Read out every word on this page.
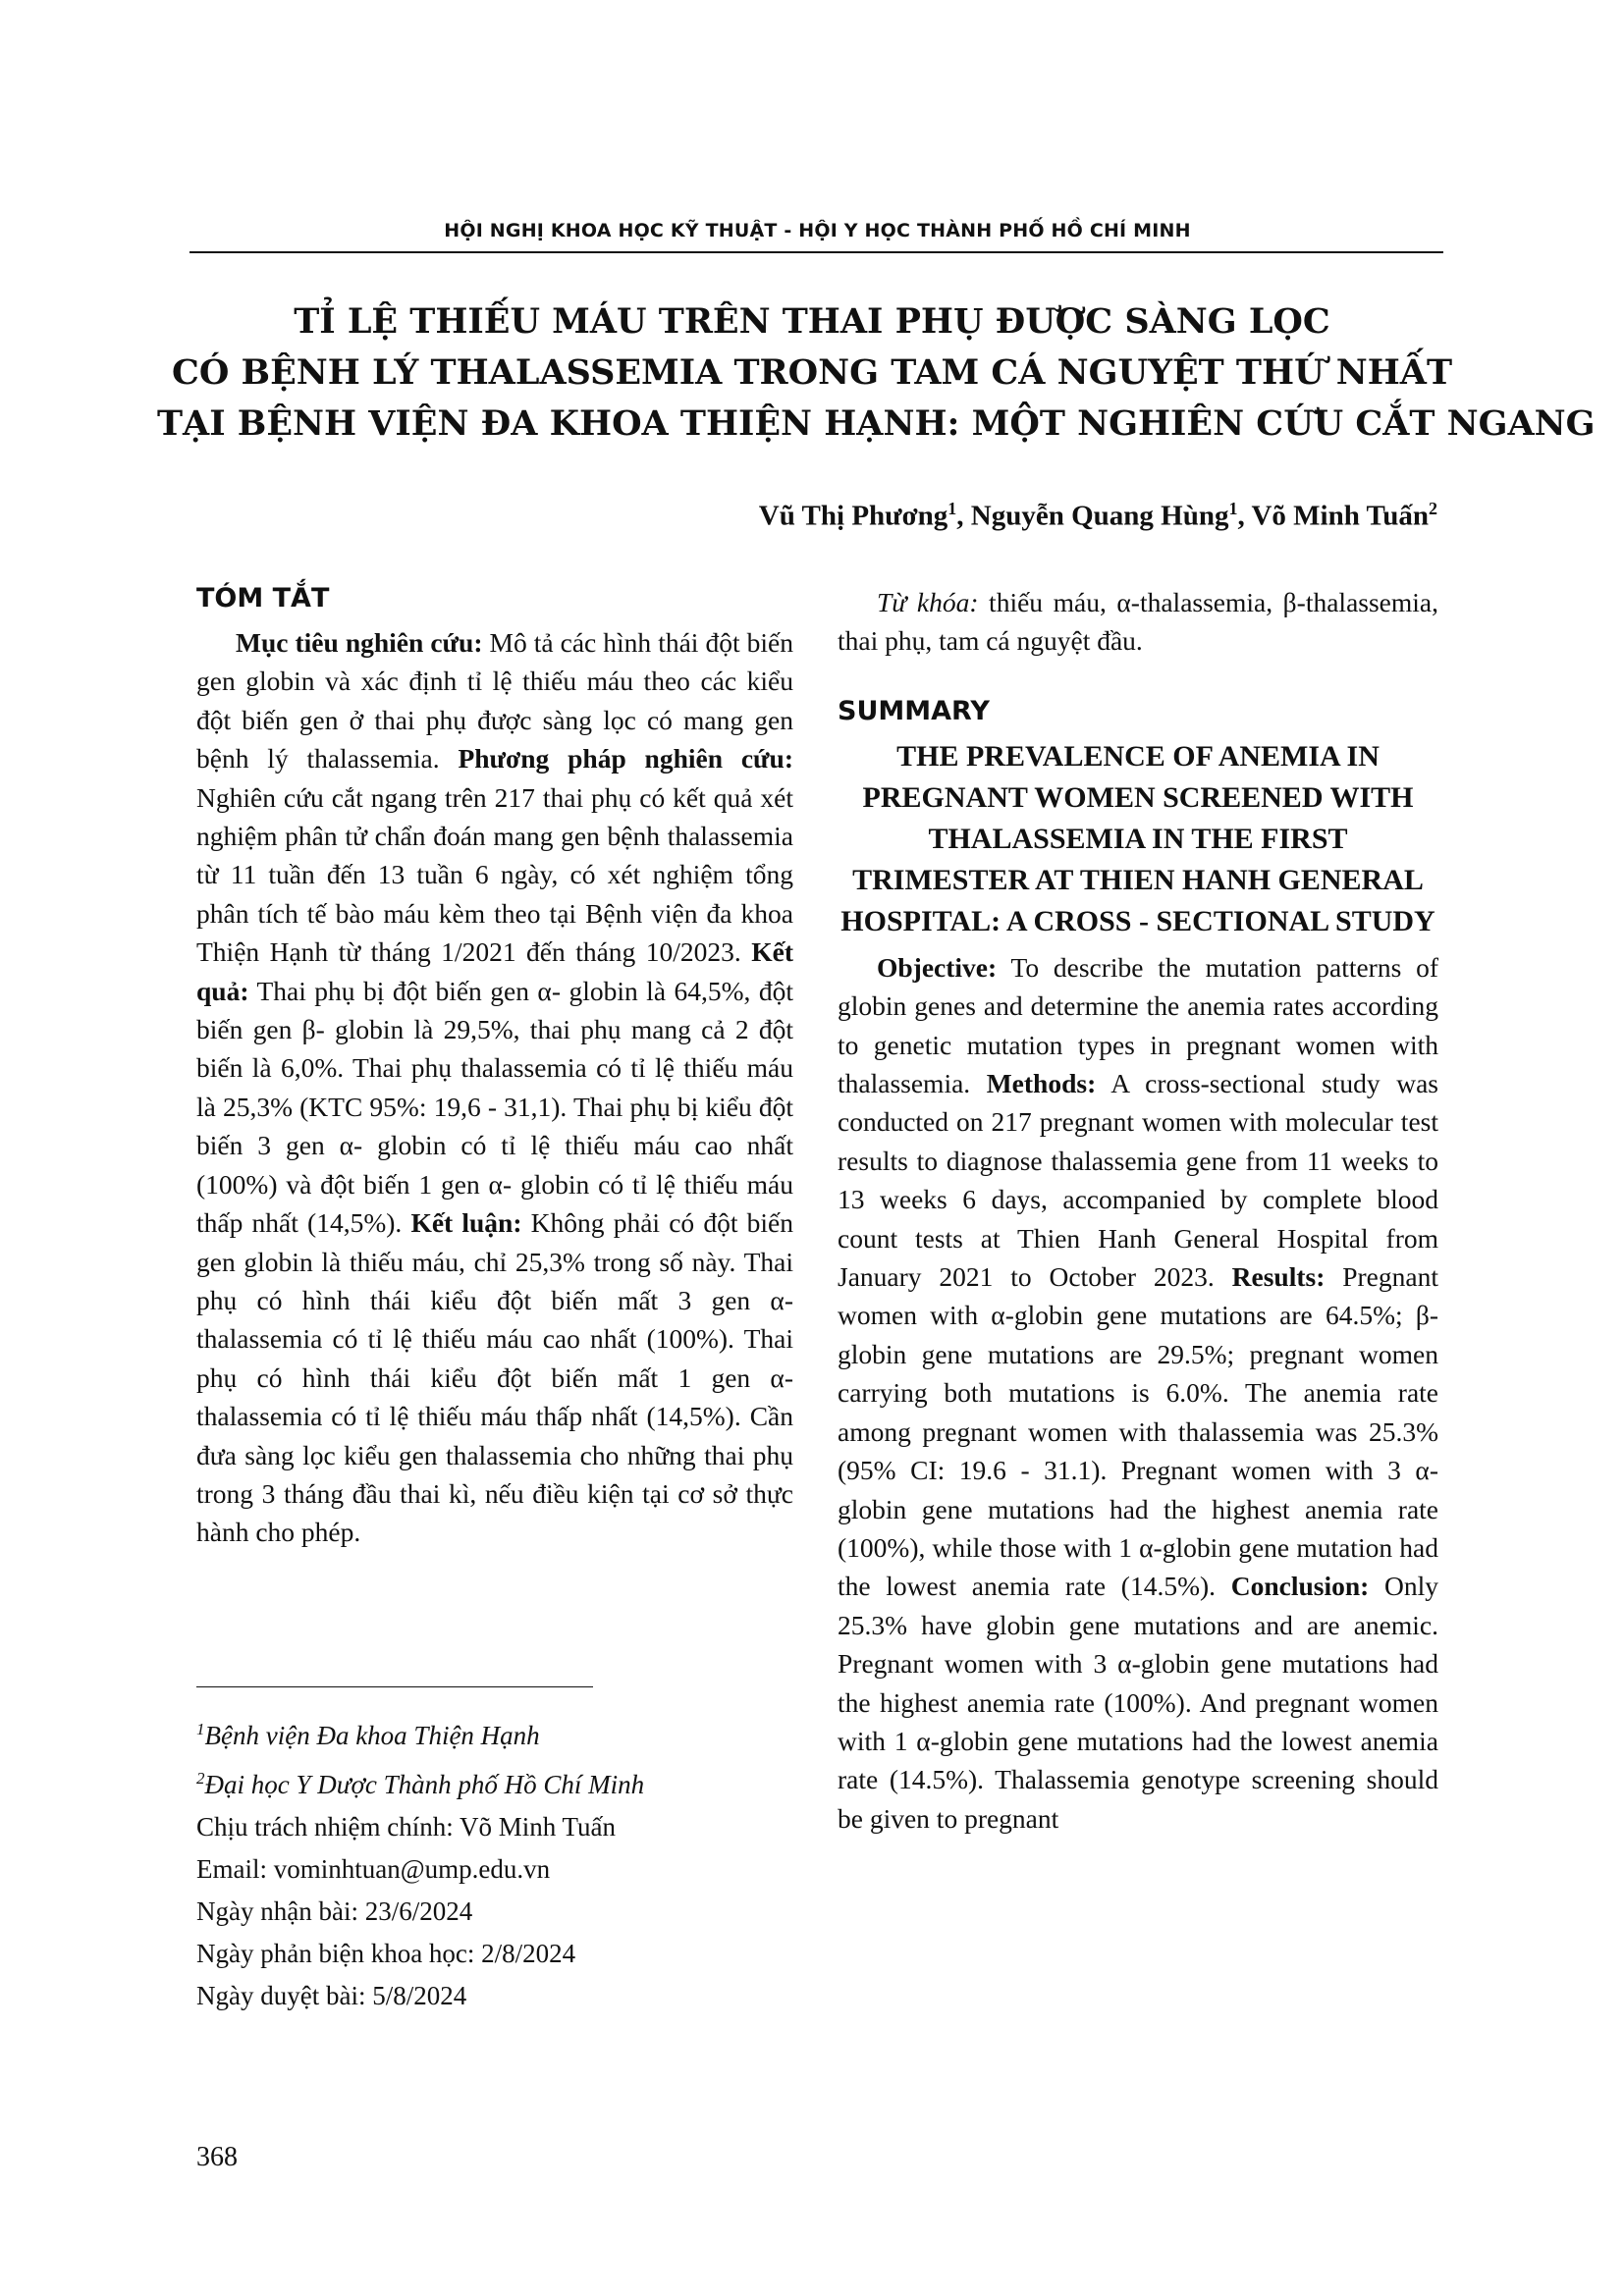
HỘI NGHỊ KHOA HỌC KỸ THUẬT - HỘI Y HỌC THÀNH PHỐ HỒ CHÍ MINH
TỈ LỆ THIẾU MÁU TRÊN THAI PHỤ ĐƯỢC SÀNG LỌC
CÓ BỆNH LÝ THALASSEMIA TRONG TAM CÁ NGUYỆT THỨ NHẤT
TẠI BỆNH VIỆN ĐA KHOA THIỆN HẠNH: MỘT NGHIÊN CỨU CẮT NGANG
Vũ Thị Phương$^1$, Nguyễn Quang Hùng$^1$, Võ Minh Tuấn$^2$
TÓM TẮT

Mục tiêu nghiên cứu: Mô tả các hình thái đột biến gen globin và xác định tỉ lệ thiếu máu theo các kiểu đột biến gen ở thai phụ được sàng lọc có mang gen bệnh lý thalassemia. Phương pháp nghiên cứu: Nghiên cứu cắt ngang trên 217 thai phụ có kết quả xét nghiệm phân tử chẩn đoán mang gen bệnh thalassemia từ 11 tuần đến 13 tuần 6 ngày, có xét nghiệm tổng phân tích tế bào máu kèm theo tại Bệnh viện đa khoa Thiện Hạnh từ tháng 1/2021 đến tháng 10/2023. Kết quả: Thai phụ bị đột biến gen α- globin là 64,5%, đột biến gen β- globin là 29,5%, thai phụ mang cả 2 đột biến là 6,0%. Thai phụ thalassemia có tỉ lệ thiếu máu là 25,3% (KTC 95%: 19,6 - 31,1). Thai phụ bị kiểu đột biến 3 gen α- globin có tỉ lệ thiếu máu cao nhất (100%) và đột biến 1 gen α- globin có tỉ lệ thiếu máu thấp nhất (14,5%). Kết luận: Không phải có đột biến gen globin là thiếu máu, chỉ 25,3% trong số này. Thai phụ có hình thái kiểu đột biến mất 3 gen α- thalassemia có tỉ lệ thiếu máu cao nhất (100%). Thai phụ có hình thái kiểu đột biến mất 1 gen α- thalassemia có tỉ lệ thiếu máu thấp nhất (14,5%). Cần đưa sàng lọc kiểu gen thalassemia cho những thai phụ trong 3 tháng đầu thai kì, nếu điều kiện tại cơ sở thực hành cho phép.

Từ khóa: thiếu máu, α-thalassemia, β-thalassemia, thai phụ, tam cá nguyệt đầu.

SUMMARY
THE PREVALENCE OF ANEMIA IN PREGNANT WOMEN SCREENED WITH THALASSEMIA IN THE FIRST TRIMESTER AT THIEN HANH GENERAL HOSPITAL: A CROSS - SECTIONAL STUDY

Objective: To describe the mutation patterns of globin genes and determine the anemia rates according to genetic mutation types in pregnant women with thalassemia. Methods: A cross-sectional study was conducted on 217 pregnant women with molecular test results to diagnose thalassemia gene from 11 weeks to 13 weeks 6 days, accompanied by complete blood count tests at Thien Hanh General Hospital from January 2021 to October 2023. Results: Pregnant women with α-globin gene mutations are 64.5%; β-globin gene mutations are 29.5%; pregnant women carrying both mutations is 6.0%. The anemia rate among pregnant women with thalassemia was 25.3% (95% CI: 19.6 - 31.1). Pregnant women with 3 α-globin gene mutations had the highest anemia rate (100%), while those with 1 α-globin gene mutation had the lowest anemia rate (14.5%). Conclusion: Only 25.3% have globin gene mutations and are anemic. Pregnant women with 3 α-globin gene mutations had the highest anemia rate (100%). And pregnant women with 1 α-globin gene mutations had the lowest anemia rate (14.5%). Thalassemia genotype screening should be given to pregnant

$^1$Bệnh viện Đa khoa Thiện Hạnh
$^2$Đại học Y Dược Thành phố Hồ Chí Minh
Chịu trách nhiệm chính: Võ Minh Tuấn
Email: vominhtuan@ump.edu.vn
Ngày nhận bài: 23/6/2024
Ngày phản biện khoa học: 2/8/2024
Ngày duyệt bài: 5/8/2024
368
